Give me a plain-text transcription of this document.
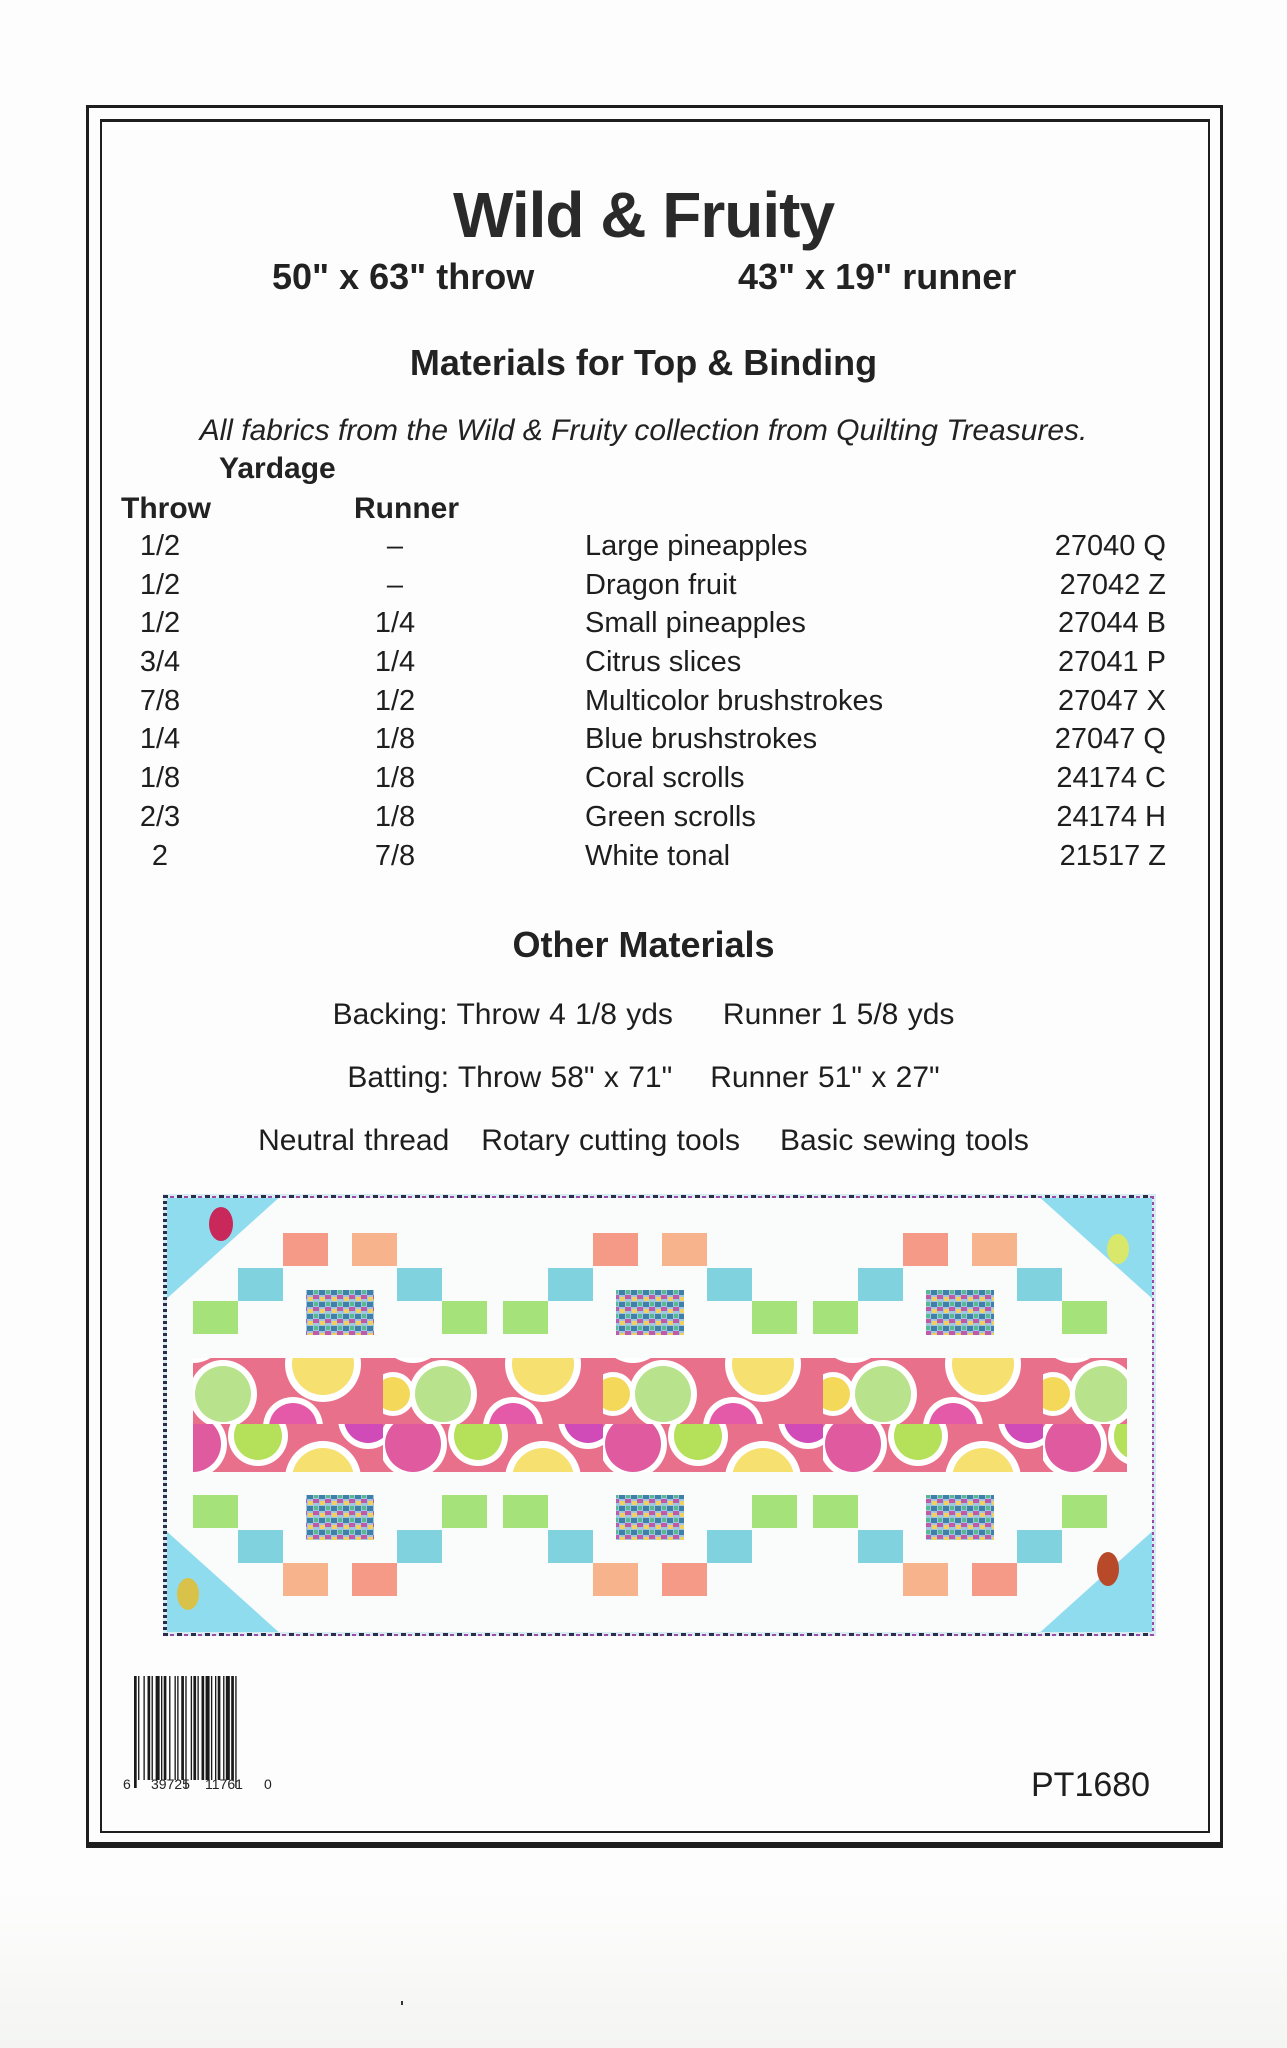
Wild & Fruity
50" x 63" throw	43" x 19" runner
Materials for Top & Binding
All fabrics from the Wild & Fruity collection from Quilting Treasures.
Yardage
Throw	Runner
1/2	–	Large pineapples	27040 Q
1/2	–	Dragon fruit	27042 Z
1/2	1/4	Small pineapples	27044 B
3/4	1/4	Citrus slices	27041 P
7/8	1/2	Multicolor brushstrokes	27047 X
1/4	1/8	Blue brushstrokes	27047 Q
1/8	1/8	Coral scrolls	24174 C
2/3	1/8	Green scrolls	24174 H
2	7/8	White tonal	21517 Z
Other Materials
Backing: Throw 4 1/8 yds Runner 1 5/8 yds
Batting: Throw 58" x 71" Runner 51" x 27"
Neutral thread Rotary cutting tools Basic sewing tools
6 39725 11761 0	PT1680
